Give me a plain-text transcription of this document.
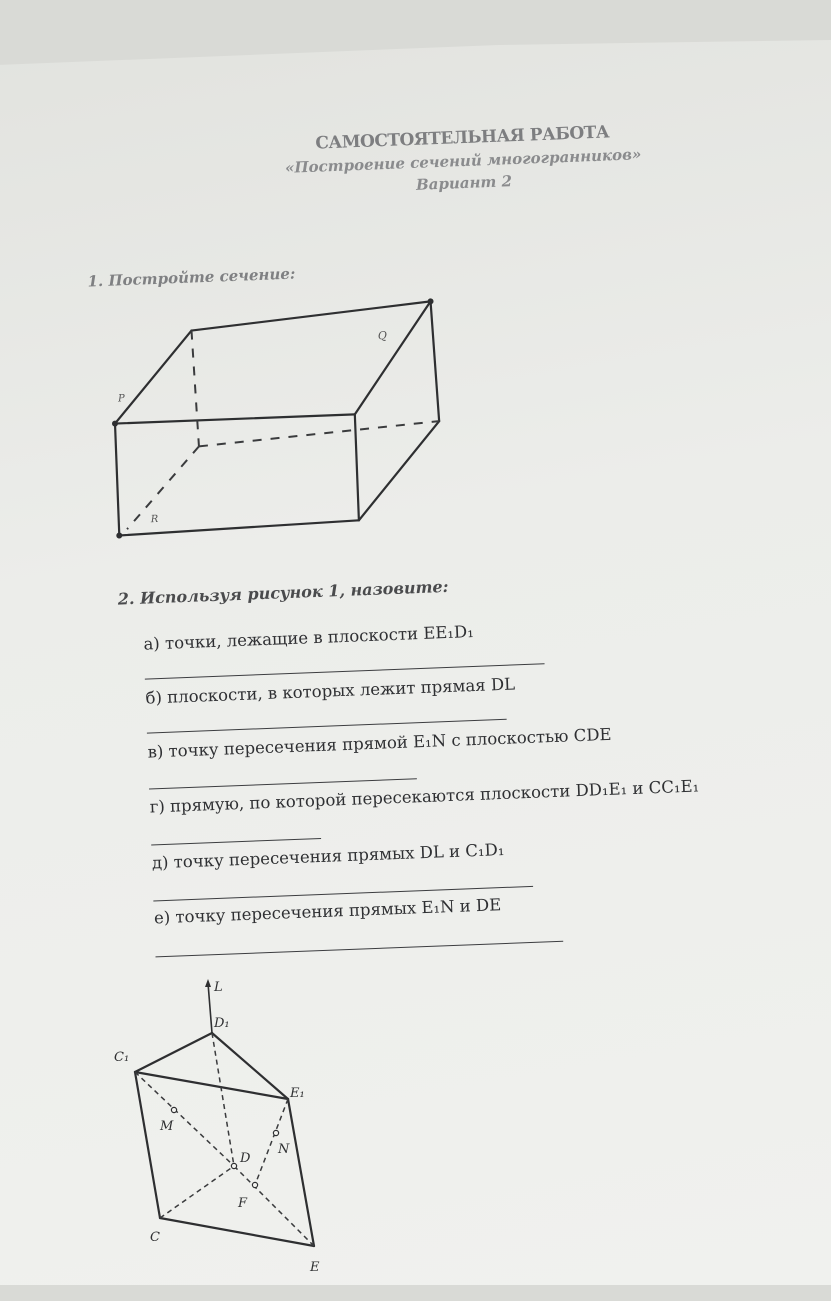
САМОСТОЯТЕЛЬНАЯ РАБОТА
«Построение сечений многогранников»
Вариант 2
1. Постройте сечение:
P
Q
R
2. Используя рисунок 1, назовите:
а) точки, лежащие в плоскости EE₁D₁
б) плоскости, в которых лежит прямая DL
в) точку пересечения прямой E₁N с плоскостью CDE
г) прямую, по которой пересекаются плоскости DD₁E₁ и CC₁E₁
д) точку пересечения прямых DL и C₁D₁
е) точку пересечения прямых E₁N и DE
L
D₁
C₁
E₁
M
D
N
F
C
E
